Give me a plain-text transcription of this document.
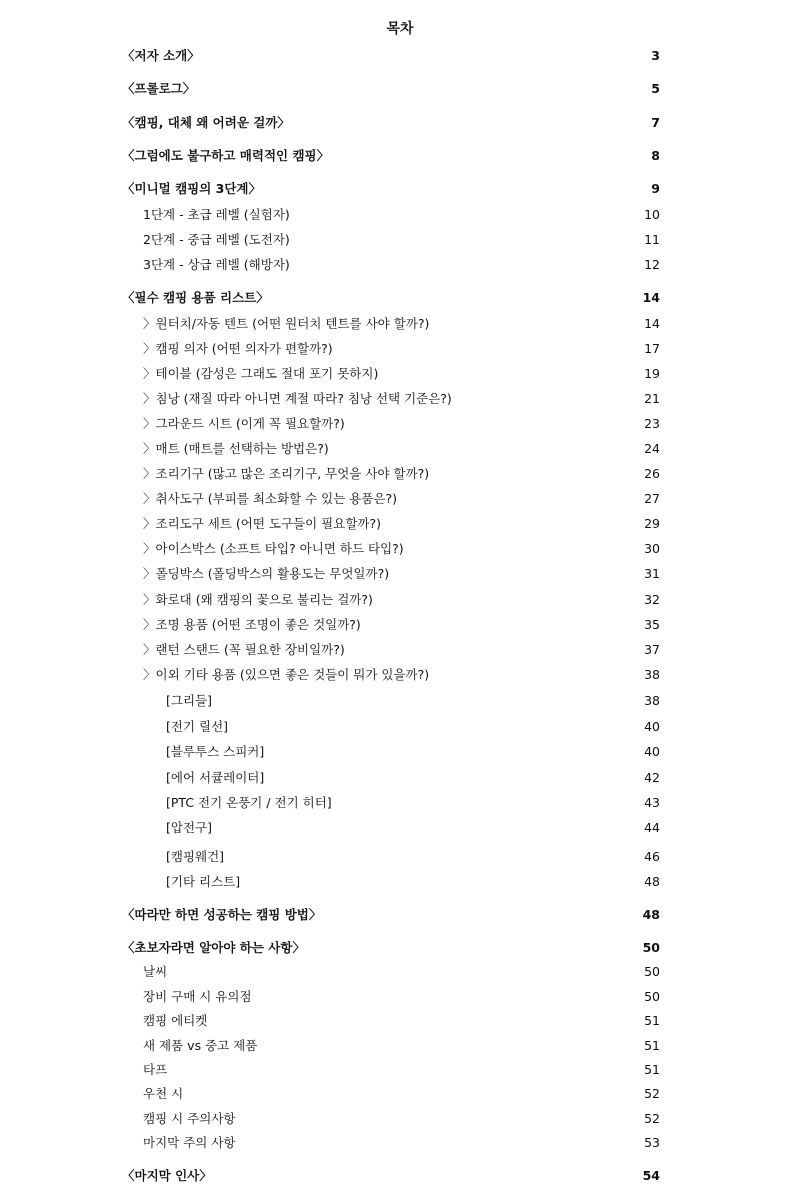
목차
〈저자 소개〉	3
〈프롤로그〉	5
〈캠핑, 대체 왜 어려운 걸까〉	7
〈그럼에도 불구하고 매력적인 캠핑〉	8
〈미니멀 캠핑의 3단계〉	9
1단계 - 초급 레벨 (실험자)	10
2단계 - 중급 레벨 (도전자)	11
3단계 - 상급 레벨 (해방자)	12
〈필수 캠핑 용품 리스트〉	14
〉원터치/자동 텐트 (어떤 원터치 텐트를 사야 할까?)	14
〉캠핑 의자 (어떤 의자가 편할까?)	17
〉테이블 (감성은 그래도 절대 포기 못하지)	19
〉침낭 (재질 따라 아니면 계절 따라? 침낭 선택 기준은?)	21
〉그라운드 시트 (이게 꼭 필요할까?)	23
〉매트 (매트를 선택하는 방법은?)	24
〉조리기구 (많고 많은 조리기구, 무엇을 사야 할까?)	26
〉취사도구 (부피를 최소화할 수 있는 용품은?)	27
〉조리도구 세트 (어떤 도구들이 필요할까?)	29
〉아이스박스 (소프트 타입? 아니면 하드 타입?)	30
〉폴딩박스 (폴딩박스의 활용도는 무엇일까?)	31
〉화로대 (왜 캠핑의 꽃으로 불리는 걸까?)	32
〉조명 용품 (어떤 조명이 좋은 것일까?)	35
〉랜턴 스탠드 (꼭 필요한 장비일까?)	37
〉이외 기타 용품 (있으면 좋은 것들이 뭐가 있을까?)	38
[그리들]	38
[전기 릴선]	40
[블루투스 스피커]	40
[에어 서큘레이터]	42
[PTC 전기 온풍기 / 전기 히터]	43
[압전구]	44
[캠핑웨건]	46
[기타 리스트]	48
〈따라만 하면 성공하는 캠핑 방법〉	48
〈초보자라면 알아야 하는 사항〉	50
날씨	50
장비 구매 시 유의점	50
캠핑 에티켓	51
새 제품 vs 중고 제품	51
타프	51
우천 시	52
캠핑 시 주의사항	52
마지막 주의 사항	53
〈마지막 인사〉	54
